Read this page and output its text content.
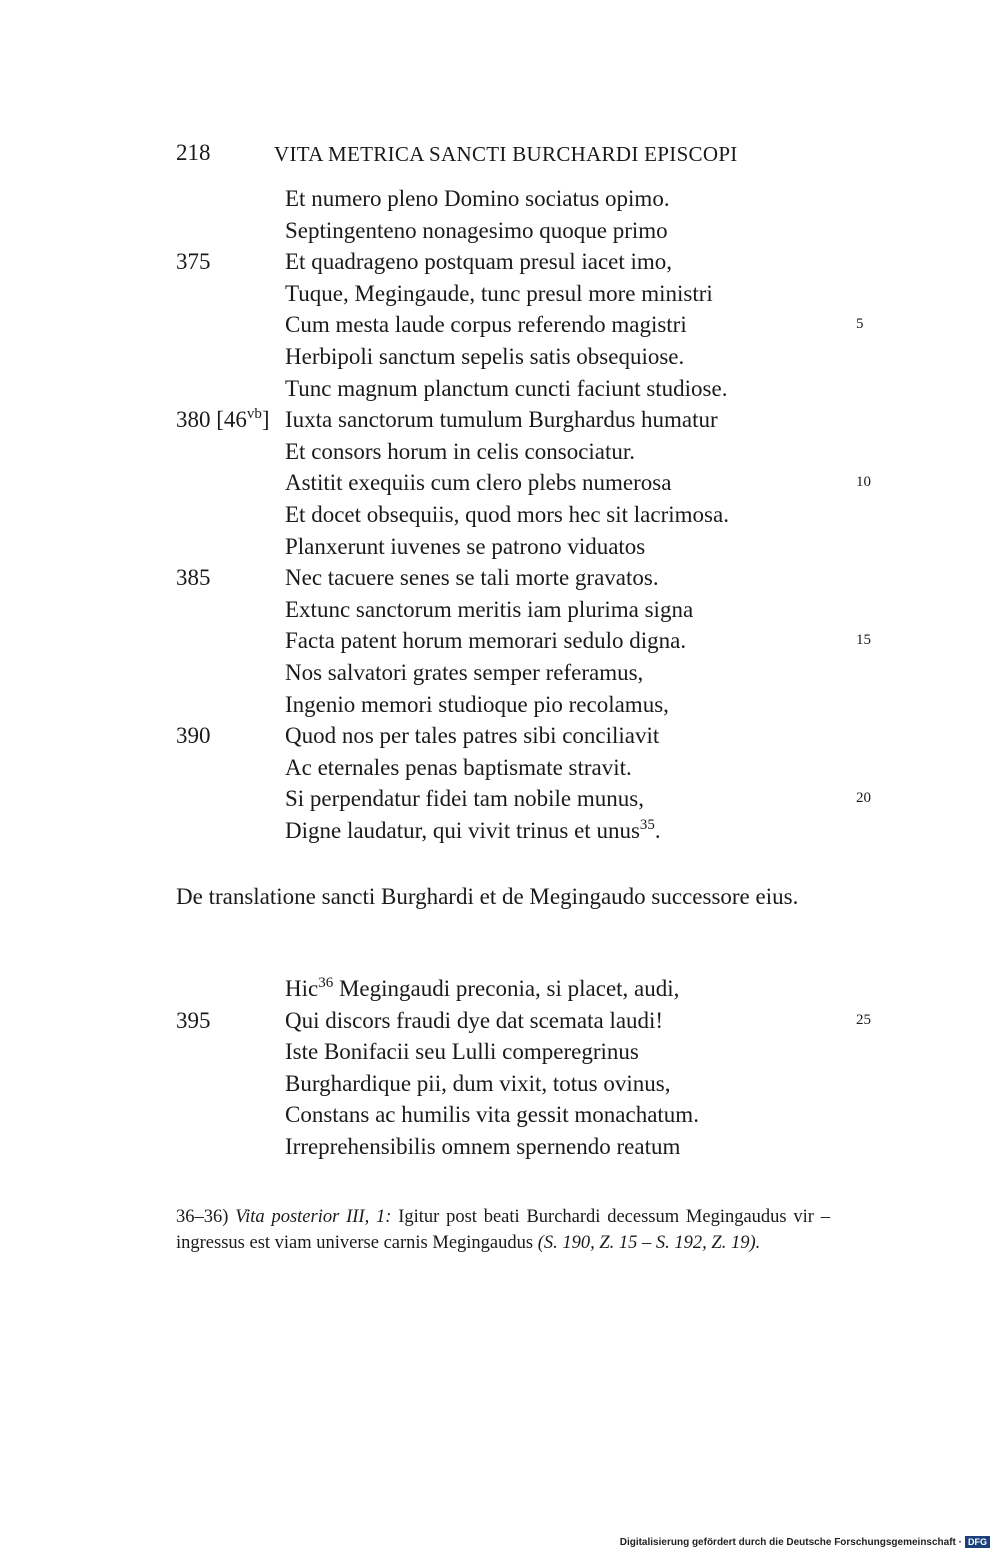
218	VITA METRICA SANCTI BURCHARDI EPISCOPI
Et numero pleno Domino sociatus opimo.
Septingenteno nonagesimo quoque primo
375	Et quadrageno postquam presul iacet imo,
Tuque, Megingaude, tunc presul more ministri
Cum mesta laude corpus referendo magistri	5
Herbipoli sanctum sepelis satis obsequiose.
Tunc magnum planctum cuncti faciunt studiose.
380 $[46^{vb}]$ Iuxta sanctorum tumulum Burghardus humatur
Et consors horum in celis consociatur.
Astitit exequiis cum clero plebs numerosa	10
Et docet obsequiis, quod mors hec sit lacrimosa.
Planxerunt iuvenes se patrono viduatos
385	Nec tacuere senes se tali morte gravatos.
Extunc sanctorum meritis iam plurima signa
Facta patent horum memorari sedulo digna.	15
Nos salvatori grates semper referamus,
Ingenio memori studioque pio recolamus,
390	Quod nos per tales patres sibi conciliavit
Ac eternales penas baptismate stravit.
Si perpendatur fidei tam nobile munus,	20
Digne laudatur, qui vivit trinus et unus$^{35}$.
De translatione sancti Burghardi et de Megingaudo successore eius.
Hic$^{36}$ Megingaudi preconia, si placet, audi,
395	Qui discors fraudi dye dat scemata laudi!	25
Iste Bonifacii seu Lulli comperegrinus
Burghardique pii, dum vixit, totus ovinus,
Constans ac humilis vita gessit monachatum.
Irreprehensibilis omnem spernendo reatum
36–36) Vita posterior III, 1: Igitur post beati Burchardi decessum Megingaudus vir – ingressus est viam universe carnis Megingaudus (S. 190, Z. 15 – S. 192, Z. 19).
Digitalisierung gefördert durch die Deutsche Forschungsgemeinschaft · DFG
